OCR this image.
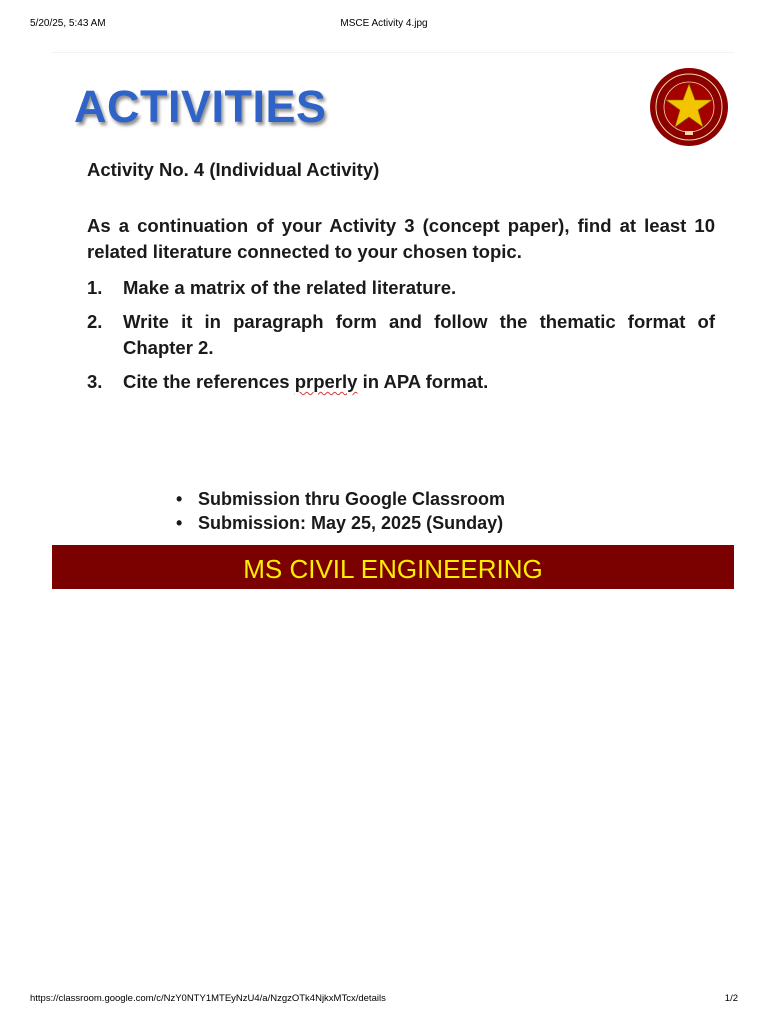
5/20/25, 5:43 AM	MSCE Activity 4.jpg
ACTIVITIES
Activity No. 4 (Individual Activity)
As a continuation of your Activity 3 (concept paper), find at least 10 related literature connected to your chosen topic.
1. Make a matrix of the related literature.
2. Write it in paragraph form and follow the thematic format of Chapter 2.
3. Cite the references prperly in APA format.
• Submission thru Google Classroom
• Submission: May 25, 2025 (Sunday)
MS CIVIL ENGINEERING
https://classroom.google.com/c/NzY0NTY1MTEyNzU4/a/NzgzOTk4NjkxMTcx/details	1/2
